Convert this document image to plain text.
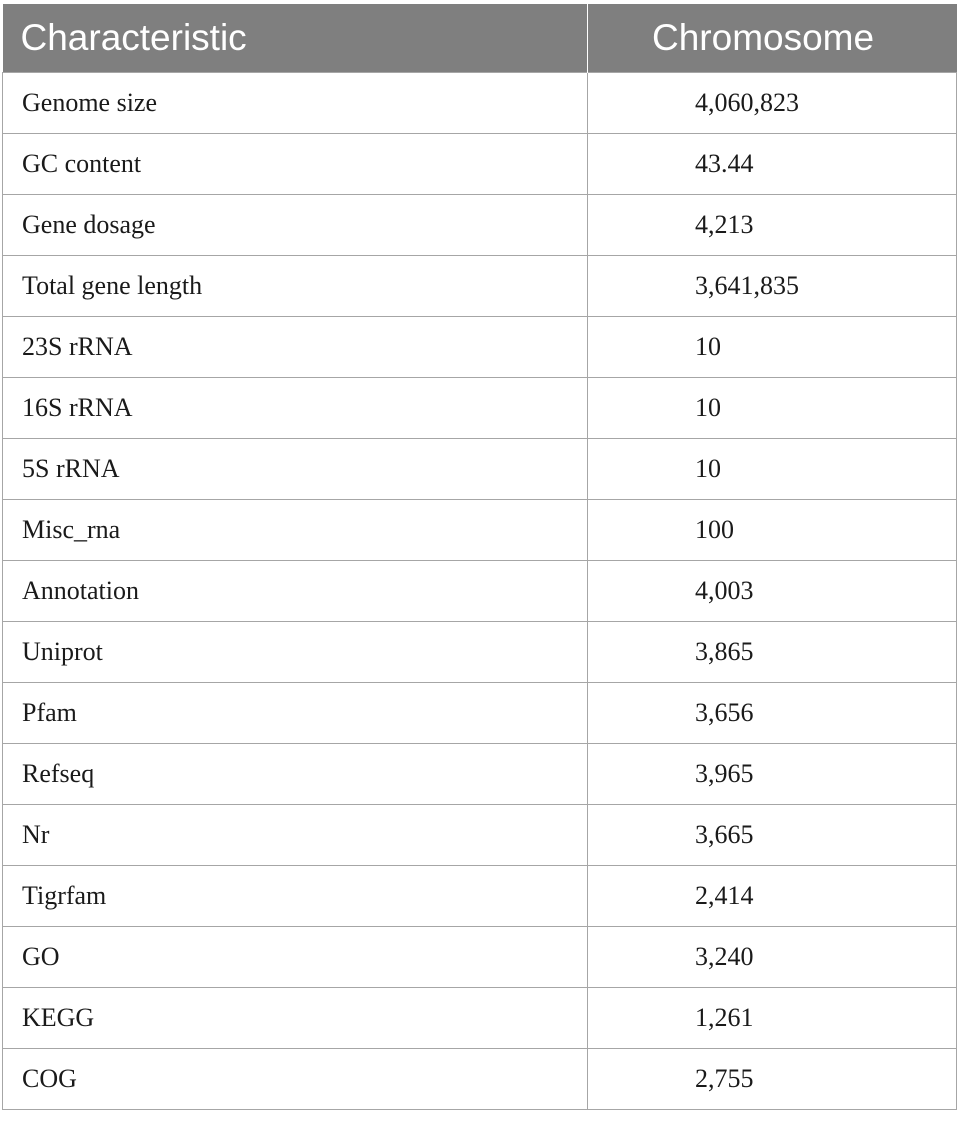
Characteristic	Chromosome
Genome size	4,060,823
GC content	43.44
Gene dosage	4,213
Total gene length	3,641,835
23S rRNA	10
16S rRNA	10
5S rRNA	10
Misc_rna	100
Annotation	4,003
Uniprot	3,865
Pfam	3,656
Refseq	3,965
Nr	3,665
Tigrfam	2,414
GO	3,240
KEGG	1,261
COG	2,755
